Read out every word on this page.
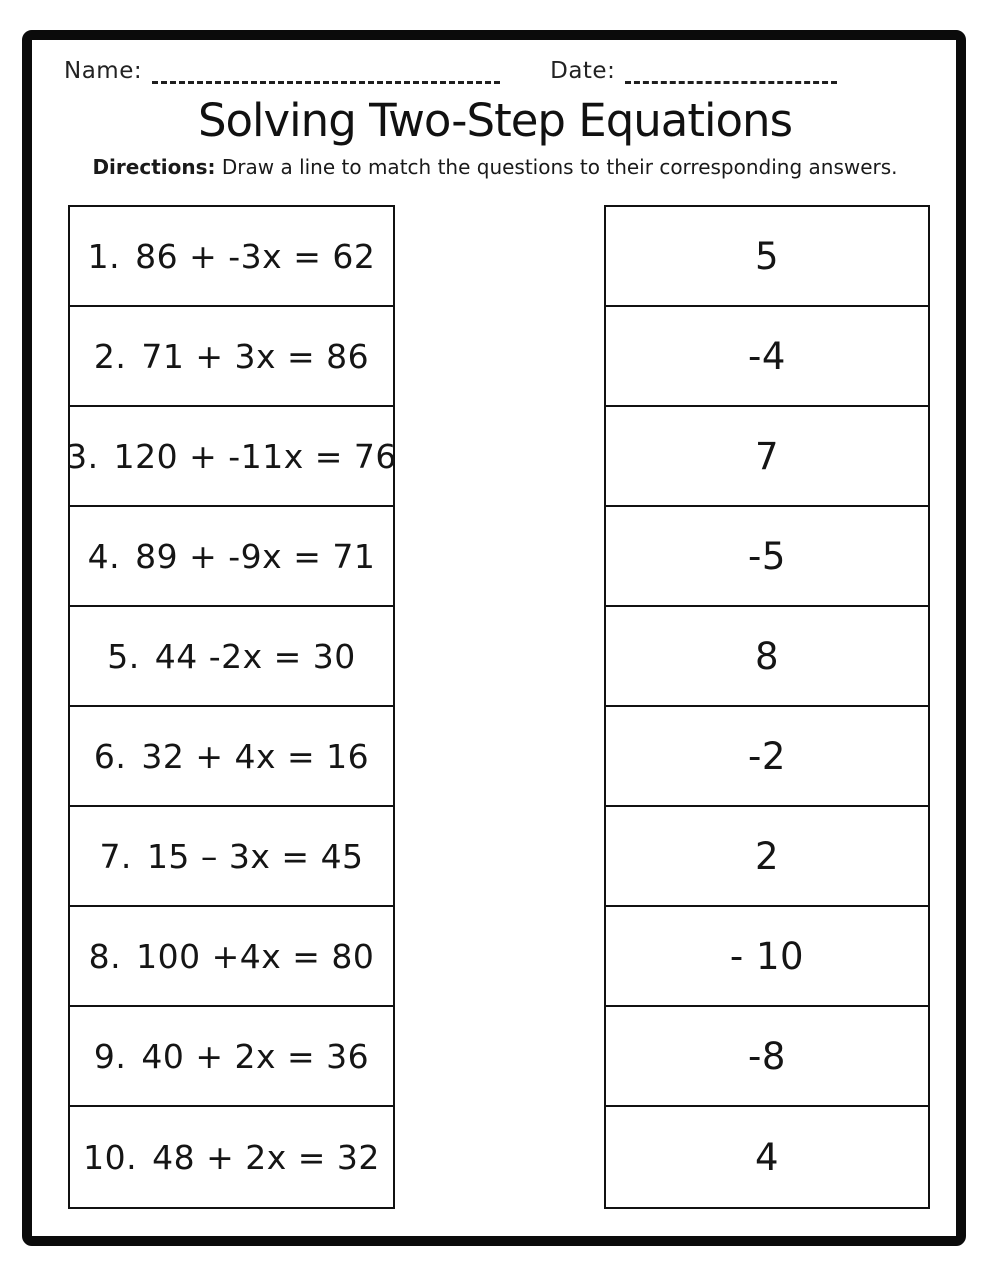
Name:	Date:
Solving Two-Step Equations
Directions: Draw a line to match the questions to their corresponding answers.
1. 86 + -3x = 62
2. 71 + 3x = 86
3. 120 + -11x = 76
4. 89 + -9x = 71
5. 44 -2x = 30
6. 32 + 4x = 16
7. 15 – 3x = 45
8. 100 +4x = 80
9. 40 + 2x = 36
10. 48 + 2x = 32
5
-4
7
-5
8
-2
2
- 10
-8
4
